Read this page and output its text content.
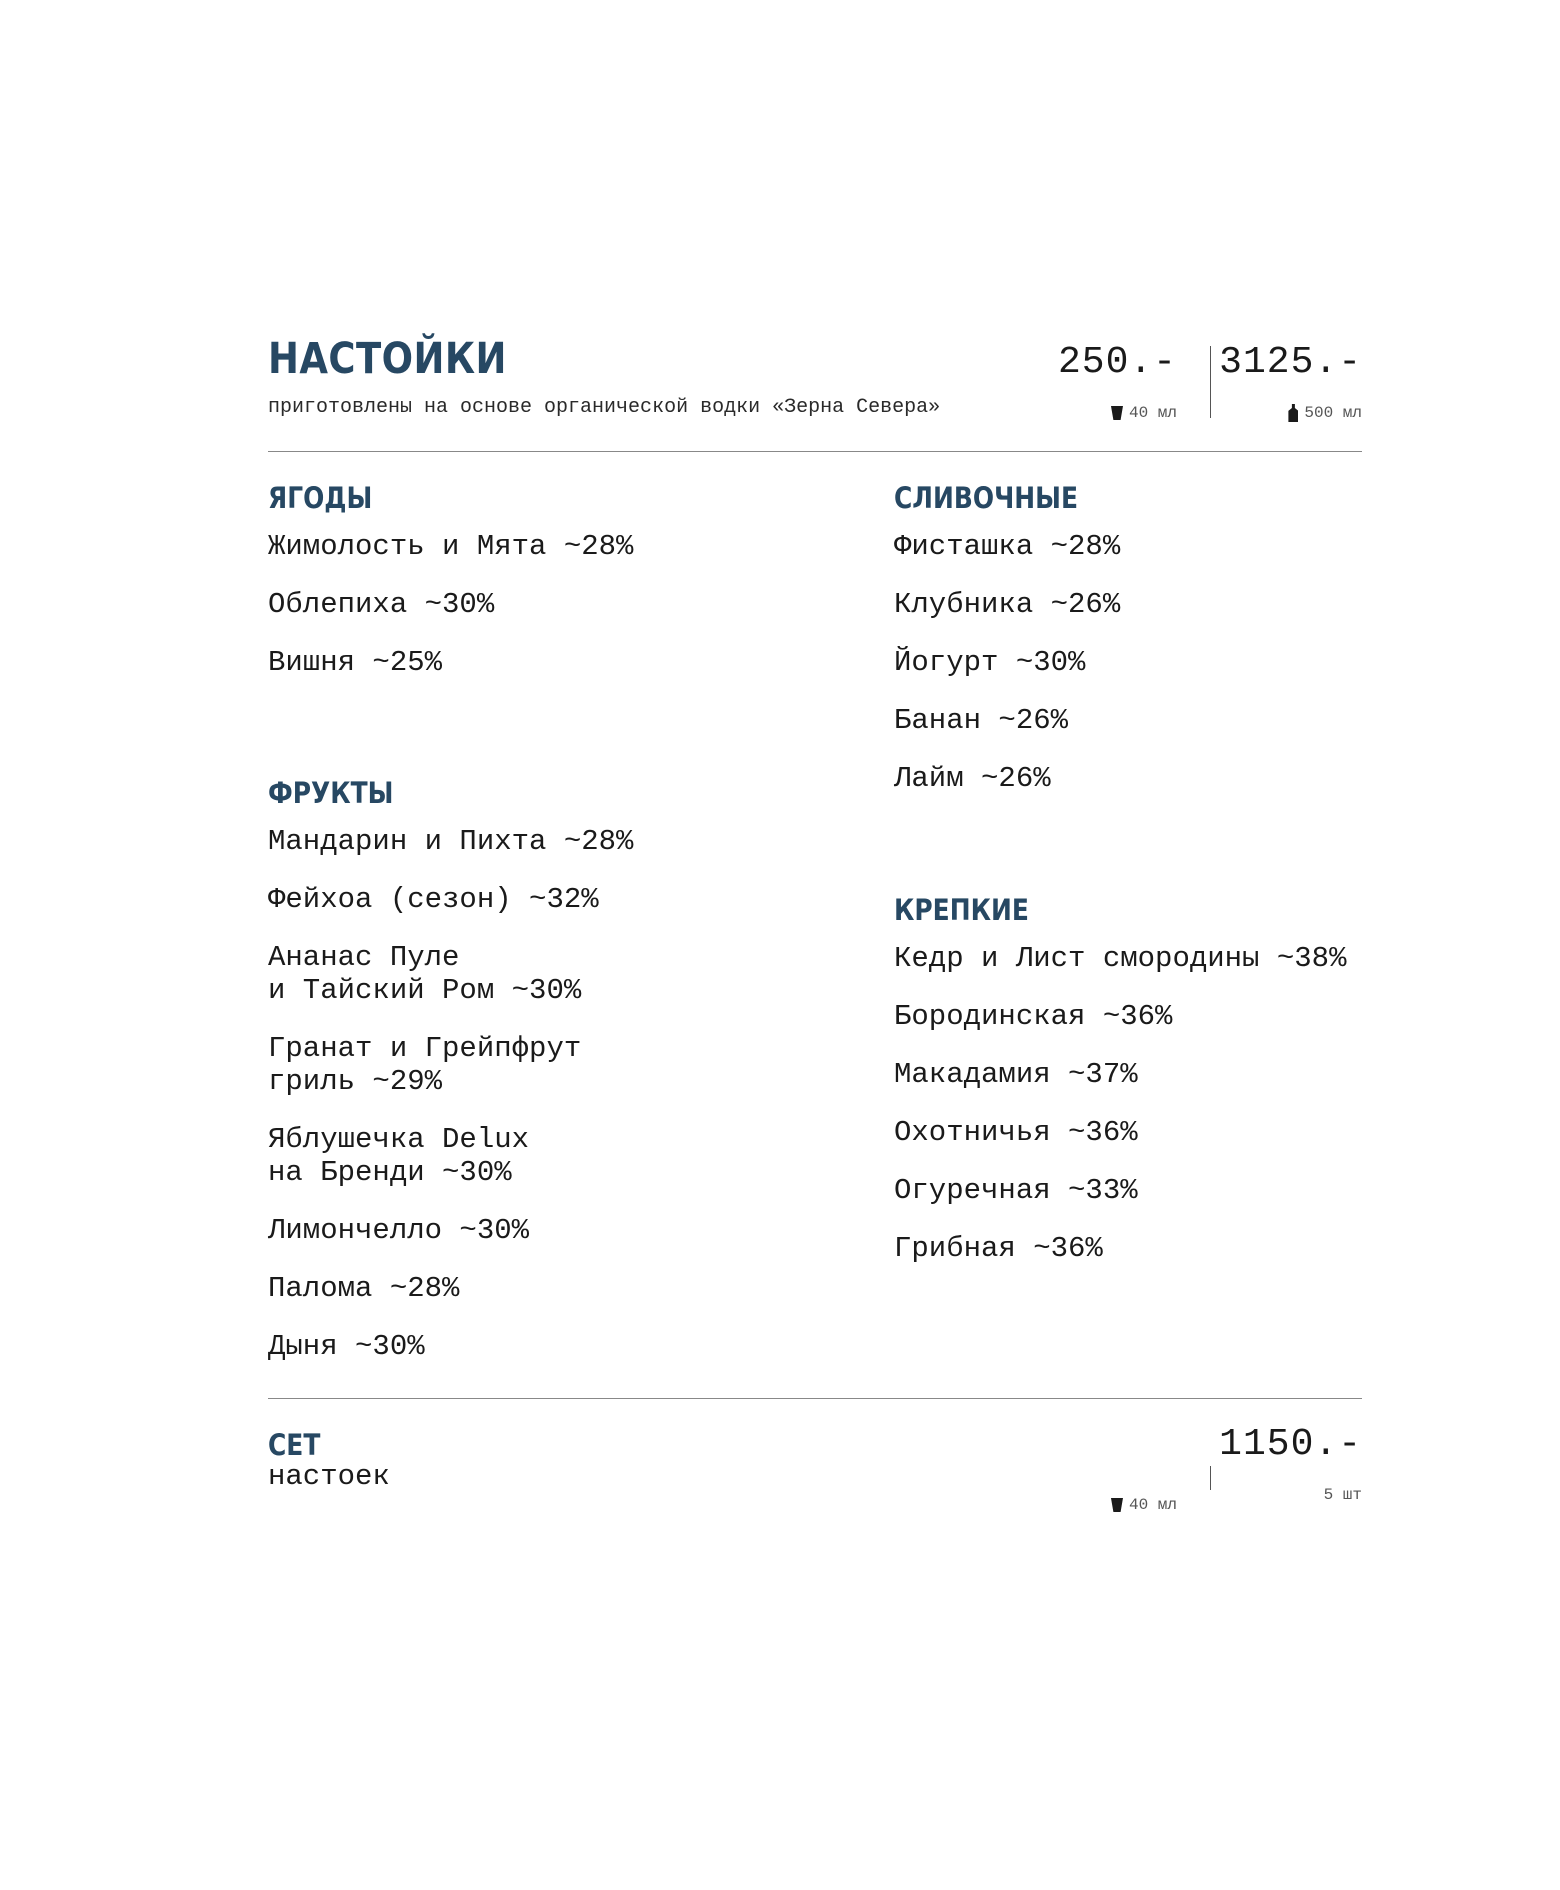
НАСТОЙКИ
приготовлены на основе органической водки «Зерна Севера»
250.-
40 мл
3125.-
500 мл
ЯГОДЫ
Жимолость и Мята ~28%
Облепиха ~30%
Вишня ~25%
ФРУКТЫ
Мандарин и Пихта ~28%
Фейхоа (сезон) ~32%
Ананас Пуле
и Тайский Ром ~30%
Гранат и Грейпфрут
гриль ~29%
Яблушечка Delux
на Бренди ~30%
Лимончелло ~30%
Палома ~28%
Дыня ~30%
СЛИВОЧНЫЕ
Фисташка ~28%
Клубника ~26%
Йогурт ~30%
Банан ~26%
Лайм ~26%
КРЕПКИЕ
Кедр и Лист смородины ~38%
Бородинская ~36%
Макадамия ~37%
Охотничья ~36%
Огуречная ~33%
Грибная ~36%
СЕТ
настоек
1150.-
5 шт
40 мл
